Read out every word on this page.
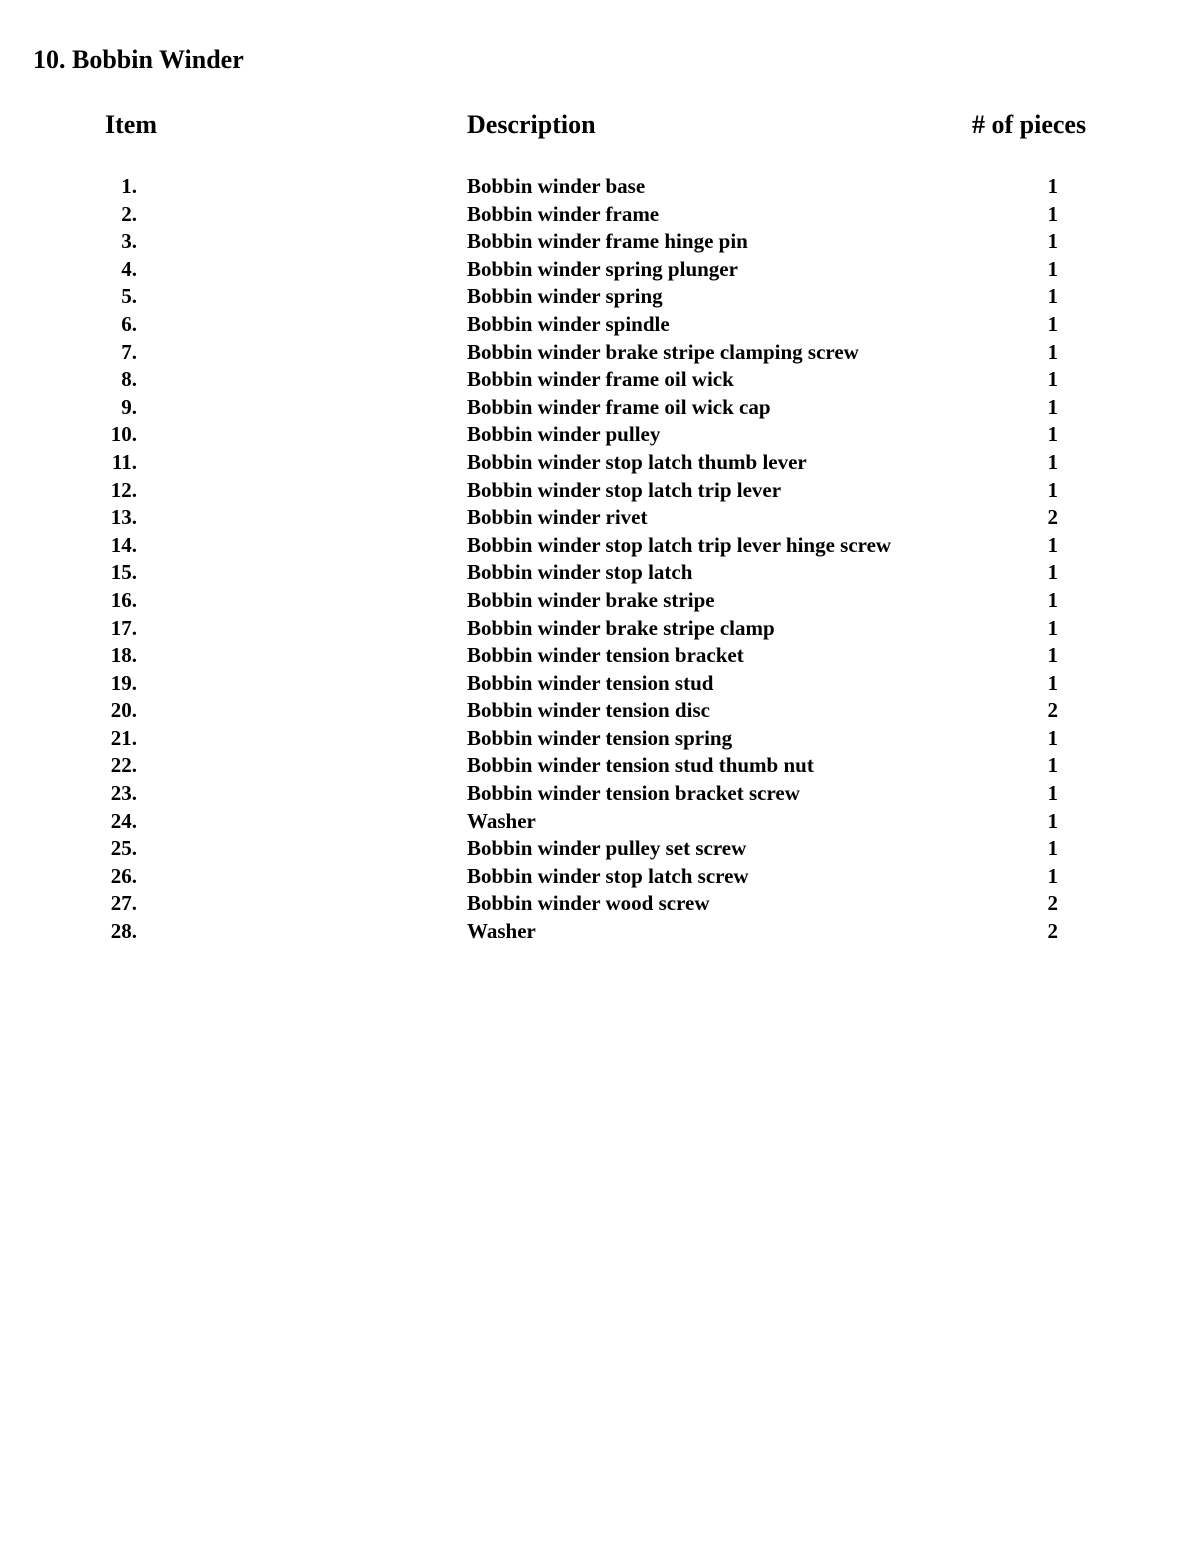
10. Bobbin Winder
Item	Description	# of pieces
1.	Bobbin winder base	1
2.	Bobbin winder frame	1
3.	Bobbin winder frame hinge pin	1
4.	Bobbin winder spring plunger	1
5.	Bobbin winder spring	1
6.	Bobbin winder spindle	1
7.	Bobbin winder brake stripe clamping screw	1
8.	Bobbin winder frame oil wick	1
9.	Bobbin winder frame oil wick cap	1
10.	Bobbin winder pulley	1
11.	Bobbin winder stop latch thumb lever	1
12.	Bobbin winder stop latch trip lever	1
13.	Bobbin winder rivet	2
14.	Bobbin winder stop latch trip lever hinge screw	1
15.	Bobbin winder stop latch	1
16.	Bobbin winder brake stripe	1
17.	Bobbin winder brake stripe clamp	1
18.	Bobbin winder tension bracket	1
19.	Bobbin winder tension stud	1
20.	Bobbin winder tension disc	2
21.	Bobbin winder tension spring	1
22.	Bobbin winder tension stud thumb nut	1
23.	Bobbin winder tension bracket screw	1
24.	Washer	1
25.	Bobbin winder pulley set screw	1
26.	Bobbin winder stop latch screw	1
27.	Bobbin winder wood screw	2
28.	Washer	2
